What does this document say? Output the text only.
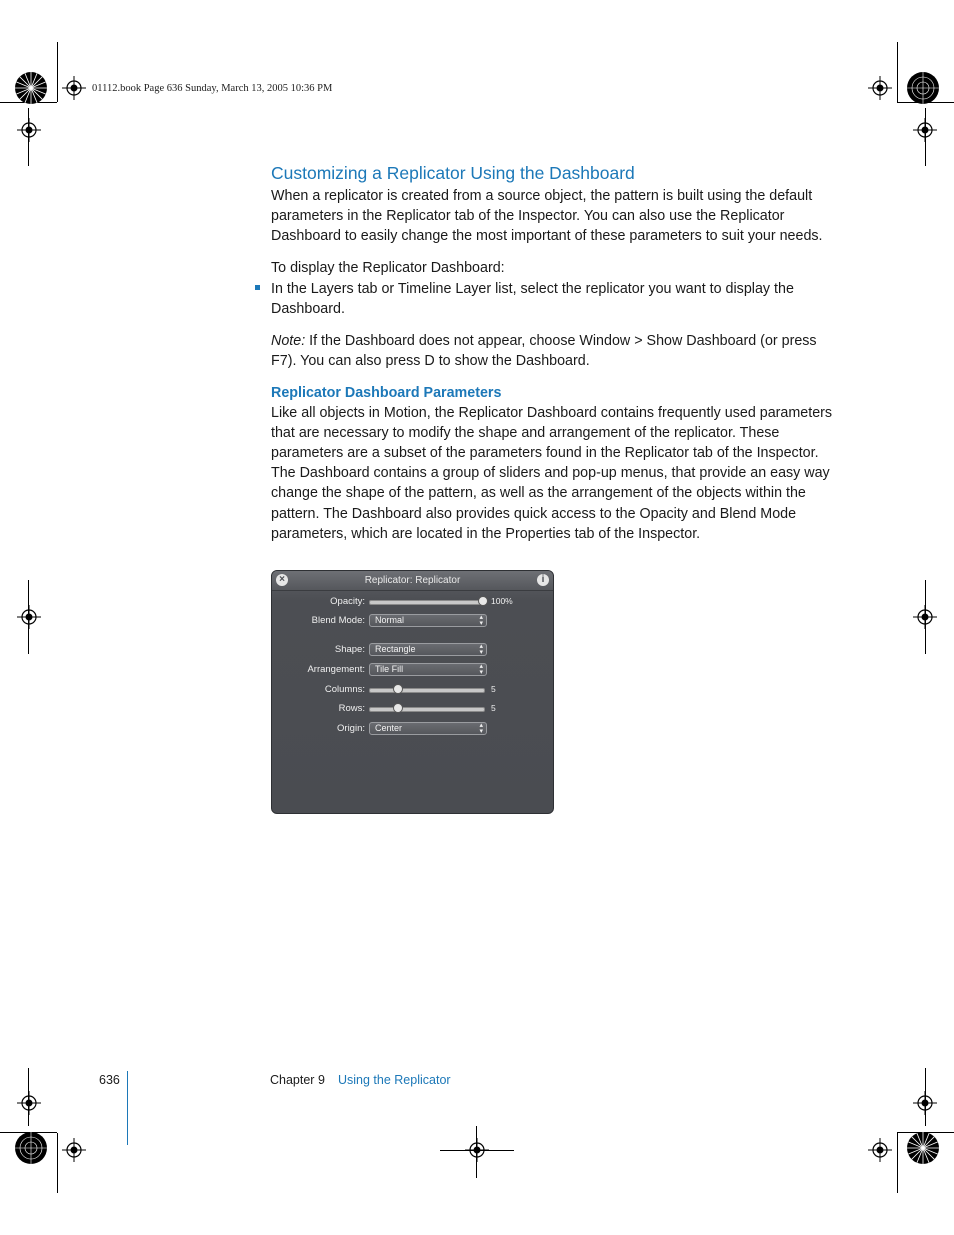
01112.book Page 636 Sunday, March 13, 2005 10:36 PM
Customizing a Replicator Using the Dashboard

When a replicator is created from a source object, the pattern is built using the default parameters in the Replicator tab of the Inspector. You can also use the Replicator Dashboard to easily change the most important of these parameters to suit your needs.

To display the Replicator Dashboard:

In the Layers tab or Timeline Layer list, select the replicator you want to display the Dashboard.

Note: If the Dashboard does not appear, choose Window > Show Dashboard (or press F7). You can also press D to show the Dashboard.

Replicator Dashboard Parameters

Like all objects in Motion, the Replicator Dashboard contains frequently used parameters that are necessary to modify the shape and arrangement of the replicator. These parameters are a subset of the parameters found in the Replicator tab of the Inspector. The Dashboard contains a group of sliders and pop-up menus, that provide an easy way change the shape of the pattern, as well as the arrangement of the objects within the pattern. The Dashboard also provides quick access to the Opacity and Blend Mode parameters, which are located in the Properties tab of the Inspector.

Replicator: Replicator
×	i
Opacity:	100%
Blend Mode:	Normal	▴
▾
Shape:	Rectangle	▴
▾
Arrangement:	Tile Fill	▴
▾
Columns:	5
Rows:	5
Origin:	Center	▴
▾
636	Chapter 9 Using the Replicator
